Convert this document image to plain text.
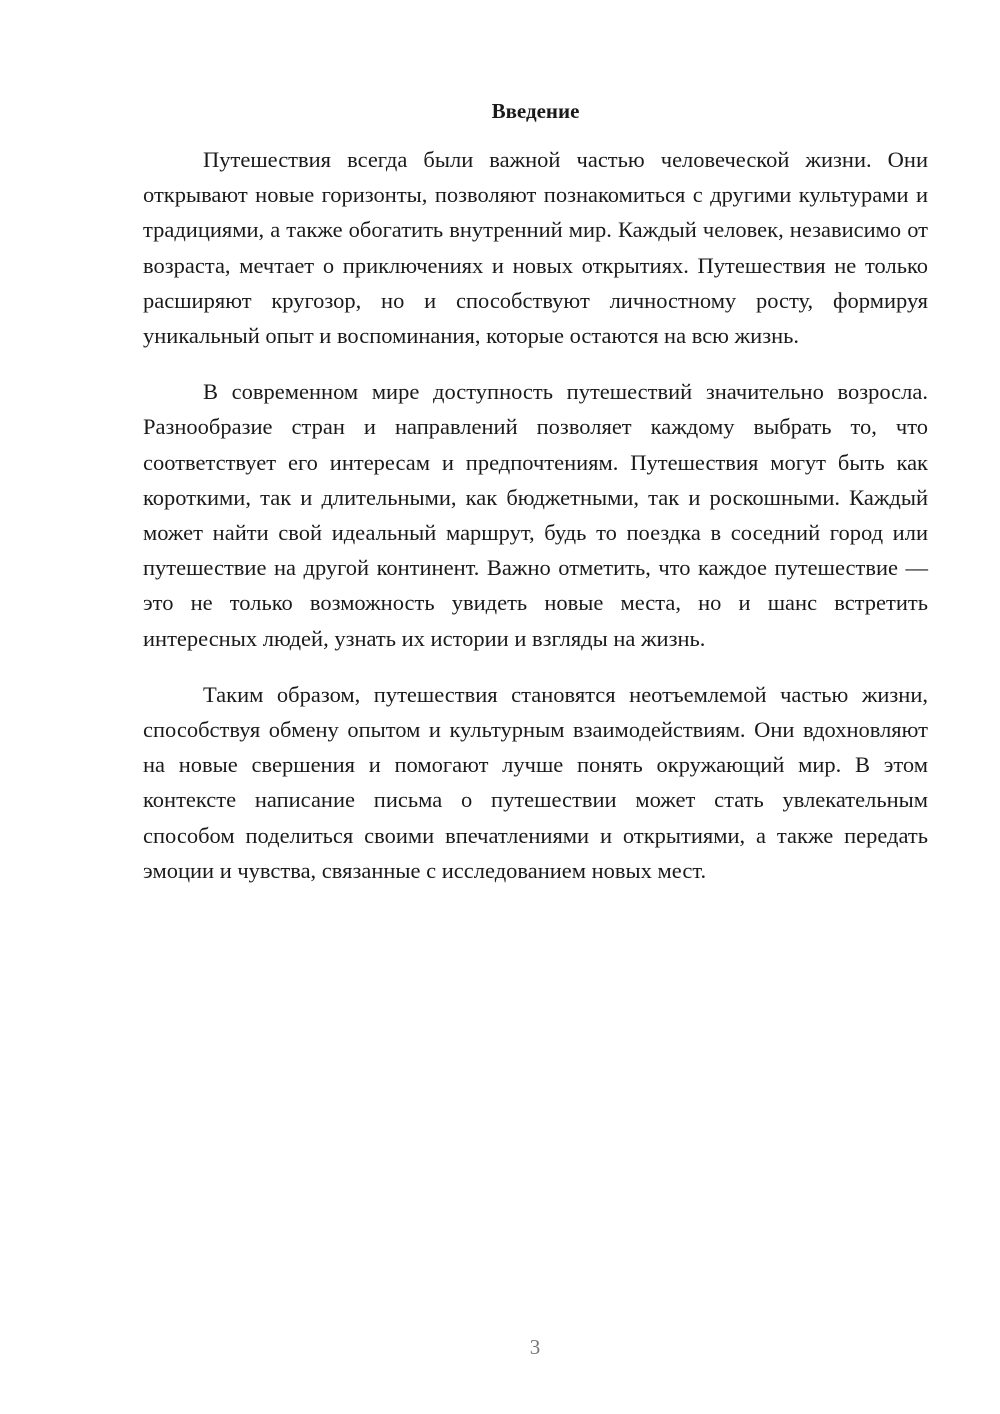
Введение

Путешествия всегда были важной частью человеческой жизни. Они открывают новые горизонты, позволяют познакомиться с другими культурами и традициями, а также обогатить внутренний мир. Каждый человек, независимо от возраста, мечтает о приключениях и новых открытиях. Путешествия не только расширяют кругозор, но и способствуют личностному росту, формируя уникальный опыт и воспоминания, которые остаются на всю жизнь.

В современном мире доступность путешествий значительно возросла. Разнообразие стран и направлений позволяет каждому выбрать то, что соответствует его интересам и предпочтениям. Путешествия могут быть как короткими, так и длительными, как бюджетными, так и роскошными. Каждый может найти свой идеальный маршрут, будь то поездка в соседний город или путешествие на другой континент. Важно отметить, что каждое путешествие — это не только возможность увидеть новые места, но и шанс встретить интересных людей, узнать их истории и взгляды на жизнь.

Таким образом, путешествия становятся неотъемлемой частью жизни, способствуя обмену опытом и культурным взаимодействиям. Они вдохновляют на новые свершения и помогают лучше понять окружающий мир. В этом контексте написание письма о путешествии может стать увлекательным способом поделиться своими впечатлениями и открытиями, а также передать эмоции и чувства, связанные с исследованием новых мест.

3
